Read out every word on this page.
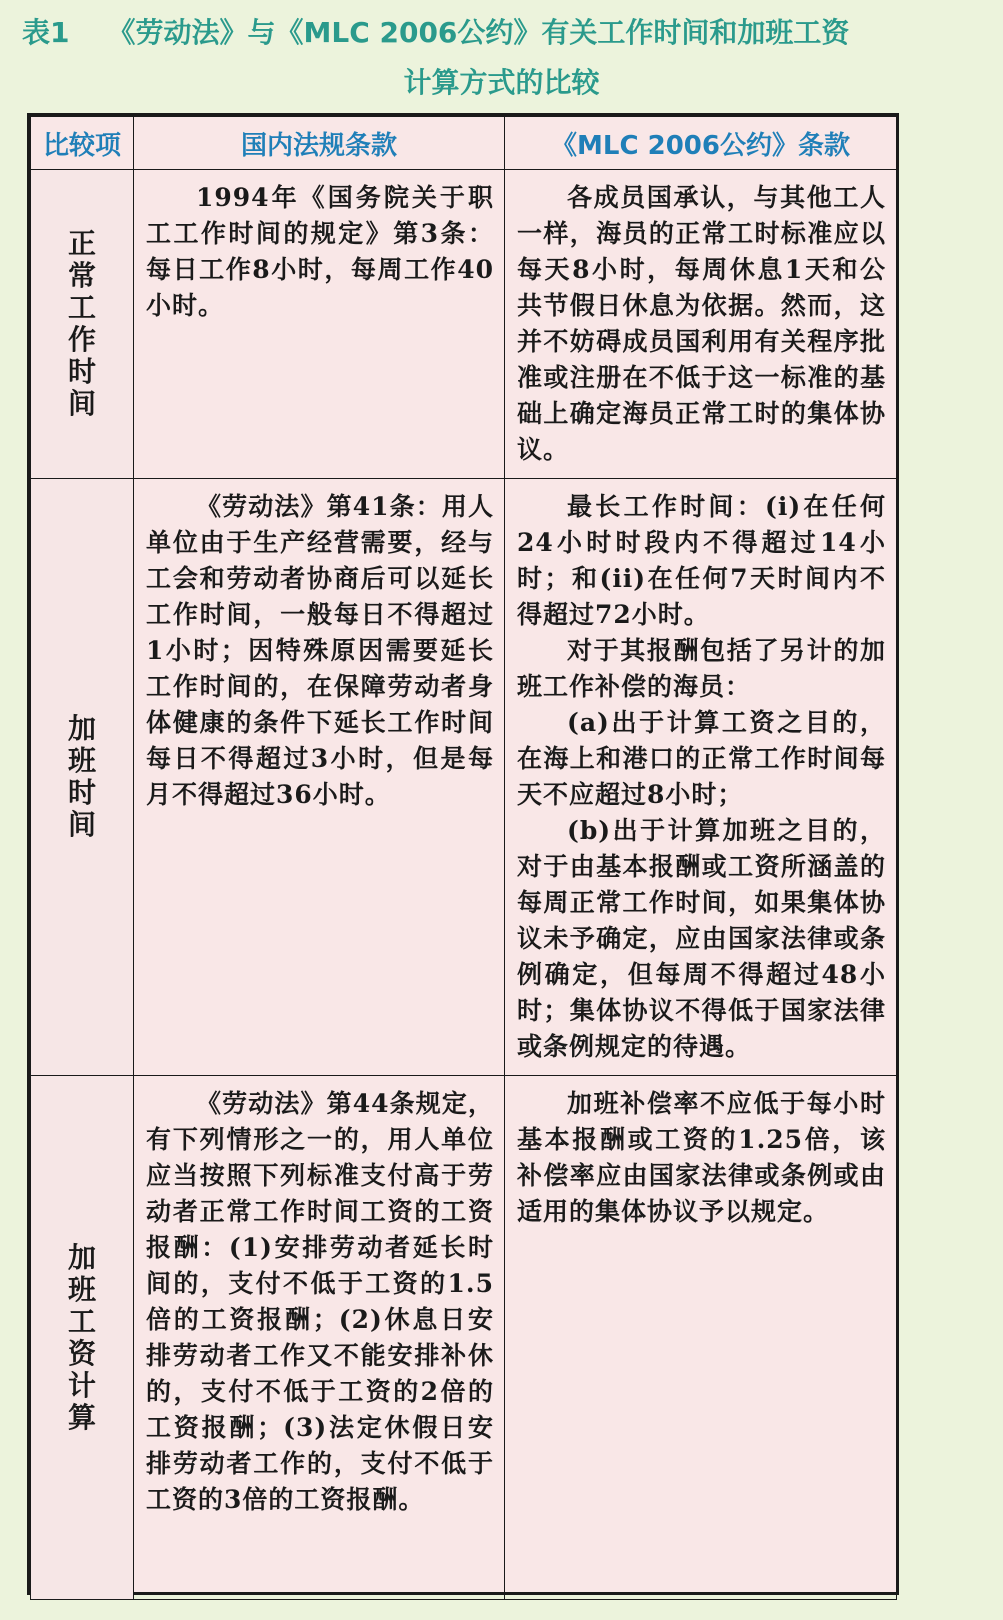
表1 《劳动法》与《MLC 2006公约》有关工作时间和加班工资
计算方式的比较
比较项	国内法规条款	《MLC 2006公约》条款
正常工作时间	1994年《国务院关于职工工作时间的规定》第3条：每日工作8小时，每周工作40小时。	各成员国承认，与其他工人一样，海员的正常工时标准应以每天8小时，每周休息1天和公共节假日休息为依据。然而，这并不妨碍成员国利用有关程序批准或注册在不低于这一标准的基础上确定海员正常工时的集体协议。

加班时间	《劳动法》第41条：用人单位由于生产经营需要，经与工会和劳动者协商后可以延长工作时间，一般每日不得超过1小时；因特殊原因需要延长工作时间的，在保障劳动者身体健康的条件下延长工作时间每日不得超过3小时，但是每月不得超过36小时。	最长工作时间：(i)在任何24小时时段内不得超过14小时；和(ii)在任何7天时间内不得超过72小时。

对于其报酬包括了另计的加班工作补偿的海员：

(a)出于计算工资之目的，在海上和港口的正常工作时间每天不应超过8小时；

(b)出于计算加班之目的，对于由基本报酬或工资所涵盖的每周正常工作时间，如果集体协议未予确定，应由国家法律或条例确定，但每周不得超过48小时；集体协议不得低于国家法律或条例规定的待遇。

加班工资计算	《劳动法》第44条规定，有下列情形之一的，用人单位应当按照下列标准支付高于劳动者正常工作时间工资的工资报酬：(1)安排劳动者延长时间的，支付不低于工资的1.5倍的工资报酬；(2)休息日安排劳动者工作又不能安排补休的，支付不低于工资的2倍的工资报酬；(3)法定休假日安排劳动者工作的，支付不低于工资的3倍的工资报酬。	加班补偿率不应低于每小时基本报酬或工资的1.25倍，该补偿率应由国家法律或条例或由适用的集体协议予以规定。
